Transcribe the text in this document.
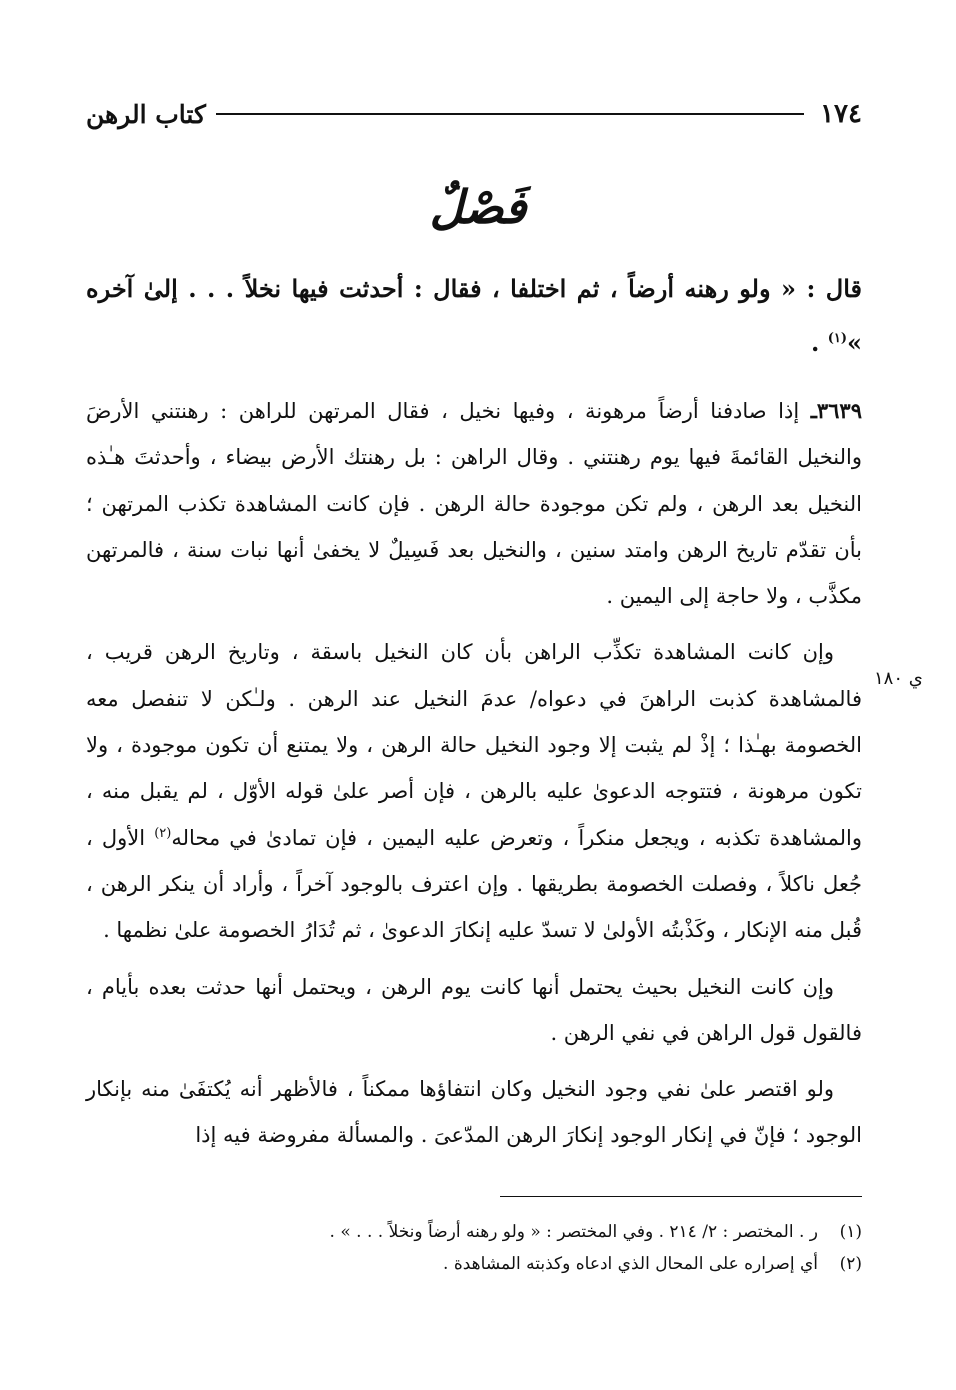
١٧٤
كتاب الرهن
فَصْلٌ
ي ١٨٠

قال : « ولو رهنه أرضاً ، ثم اختلفا ، فقال : أحدثت فيها نخلاً . . . إلىٰ آخره »$^{(١)}$ .

٣٦٣٩ـ إذا صادفنا أرضاً مرهونة ، وفيها نخيل ، فقال المرتهن للراهن : رهنتني الأرضَ والنخيل القائمةَ فيها يوم رهنتني . وقال الراهن : بل رهنتك الأرض بيضاء ، وأحدثتَ هـٰذه النخيل بعد الرهن ، ولم تكن موجودة حالة الرهن . فإن كانت المشاهدة تكذب المرتهن ؛ بأن تقدّم تاريخ الرهن وامتد سنين ، والنخيل بعد فَسِيلٌ لا يخفىٰ أنها نبات سنة ، فالمرتهن مكذَّب ، ولا حاجة إلى اليمين .

وإن كانت المشاهدة تكذِّب الراهن بأن كان النخيل باسقة ، وتاريخ الرهن قريب ، فالمشاهدة كذبت الراهنَ في دعواه/ عدمَ النخيل عند الرهن . ولـٰكن لا تنفصل معه الخصومة بهـٰذا ؛ إذْ لم يثبت إلا وجود النخيل حالة الرهن ، ولا يمتنع أن تكون موجودة ، ولا تكون مرهونة ، فتتوجه الدعوىٰ عليه بالرهن ، فإن أصر علىٰ قوله الأوّل ، لم يقبل منه ، والمشاهدة تكذبه ، ويجعل منكراً ، وتعرض عليه اليمين ، فإن تمادىٰ في محاله$^{(٢)}$ الأول ، جُعل ناكلاً ، وفصلت الخصومة بطريقها . وإن اعترف بالوجود آخراً ، وأراد أن ينكر الرهن ، قُبل منه الإنكار ، وكَذْبتُه الأولىٰ لا تسدّ عليه إنكارَ الدعوىٰ ، ثم تُدَارُ الخصومة علىٰ نظمها .

وإن كانت النخيل بحيث يحتمل أنها كانت يوم الرهن ، ويحتمل أنها حدثت بعده بأيام ، فالقول قول الراهن في نفي الرهن .

ولو اقتصر علىٰ نفي وجود النخيل وكان انتفاؤها ممكناً ، فالأظهر أنه يُكتفَىٰ منه بإنكار الوجود ؛ فإنّ في إنكار الوجود إنكارَ الرهن المدّعىَ . والمسألة مفروضة فيه إذا

(١)
ر . المختصر : ٢/ ٢١٤ . وفي المختصر : « ولو رهنه أرضاً ونخلاً . . . » .
(٢)
أي إصراره على المحال الذي ادعاه وكذبته المشاهدة .
